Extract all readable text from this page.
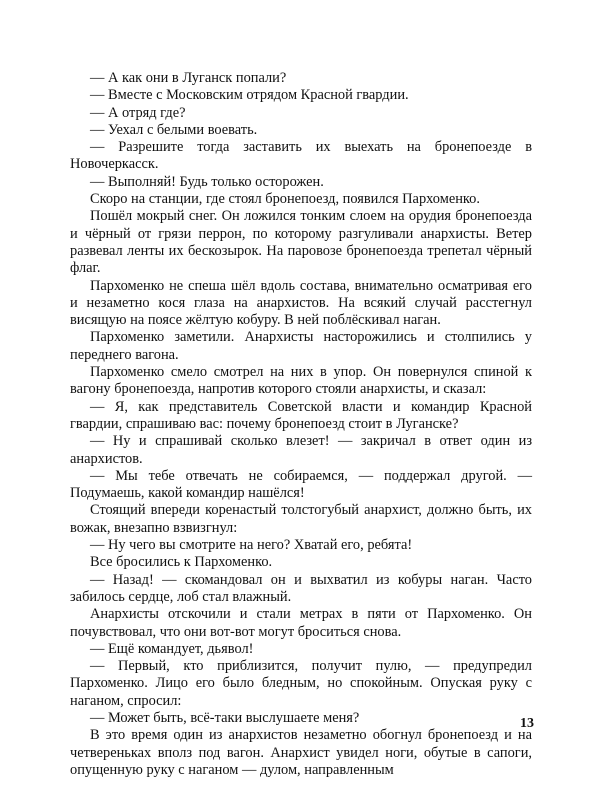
— А как они в Луганск попали?

— Вместе с Московским отрядом Красной гвардии.

— А отряд где?

— Уехал с белыми воевать.

— Разрешите тогда заставить их выехать на бронепоезде в Новочеркасск.

— Выполняй! Будь только осторожен.

Скоро на станции, где стоял бронепоезд, появился Пархоменко.

Пошёл мокрый снег. Он ложился тонким слоем на орудия бронепоезда и чёрный от грязи перрон, по которому разгуливали анархисты. Ветер развевал ленты их бескозырок. На паровозе бронепоезда трепетал чёрный флаг.

Пархоменко не спеша шёл вдоль состава, внимательно осматривая его и незаметно кося глаза на анархистов. На всякий случай расстегнул висящую на поясе жёлтую кобуру. В ней поблёскивал наган.

Пархоменко заметили. Анархисты насторожились и столпились у переднего вагона.

Пархоменко смело смотрел на них в упор. Он повернулся спиной к вагону бронепоезда, напротив которого стояли анархисты, и сказал:

— Я, как представитель Советской власти и командир Красной гвардии, спрашиваю вас: почему бронепоезд стоит в Луганске?

— Ну и спрашивай сколько влезет! — закричал в ответ один из анархистов.

— Мы тебе отвечать не собираемся, — поддержал другой. — Подумаешь, какой командир нашёлся!

Стоящий впереди коренастый толстогубый анархист, должно быть, их вожак, внезапно взвизгнул:

— Ну чего вы смотрите на него? Хватай его, ребята!

Все бросились к Пархоменко.

— Назад! — скомандовал он и выхватил из кобуры наган. Часто забилось сердце, лоб стал влажный.

Анархисты отскочили и стали метрах в пяти от Пархоменко. Он почувствовал, что они вот-вот могут броситься снова.

— Ещё командует, дьявол!

— Первый, кто приблизится, получит пулю, — предупредил Пархоменко. Лицо его было бледным, но спокойным. Опуская руку с наганом, спросил:

— Может быть, всё-таки выслушаете меня?

В это время один из анархистов незаметно обогнул бронепоезд и на четвереньках вполз под вагон. Анархист увидел ноги, обутые в сапоги, опущенную руку с наганом — дулом, направленным

13
